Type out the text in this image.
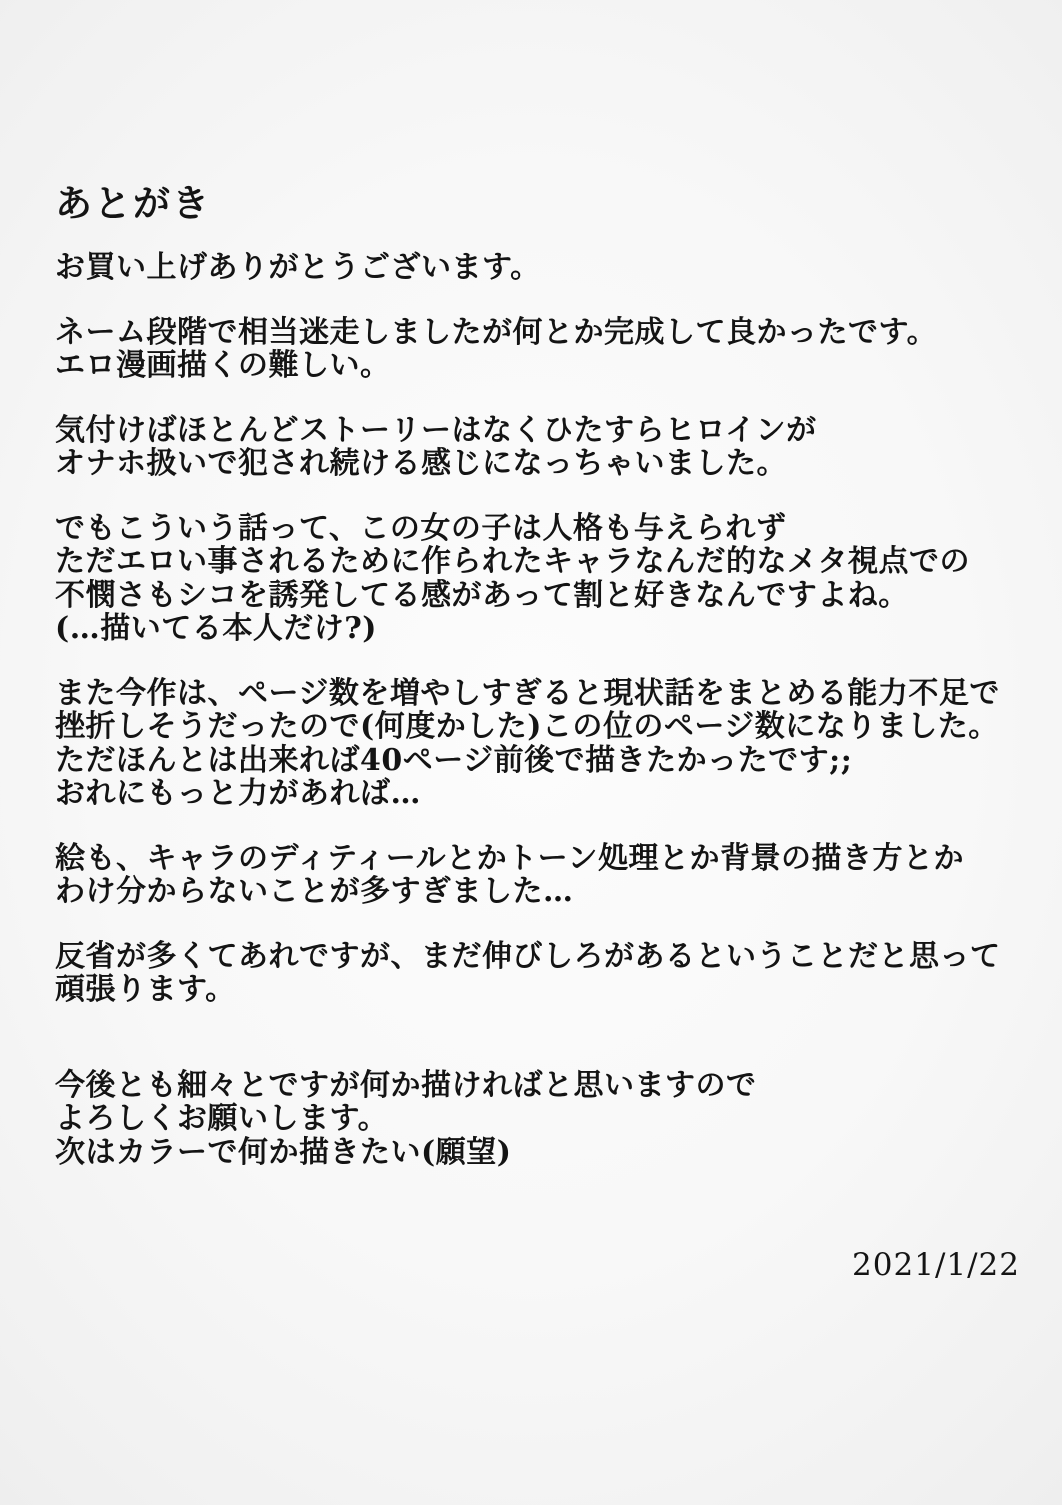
あとがき
お買い上げありがとうございます。
ネーム段階で相当迷走しましたが何とか完成して良かったです。
エロ漫画描くの難しい。
気付けばほとんどストーリーはなくひたすらヒロインが
オナホ扱いで犯され続ける感じになっちゃいました。
でもこういう話って、この女の子は人格も与えられず
ただエロい事されるために作られたキャラなんだ的なメタ視点での
不憫さもシコを誘発してる感があって割と好きなんですよね。
(…描いてる本人だけ?)
また今作は、ページ数を増やしすぎると現状話をまとめる能力不足で
挫折しそうだったので(何度かした)この位のページ数になりました。
ただほんとは出来れば40ページ前後で描きたかったです;;
おれにもっと力があれば…
絵も、キャラのディティールとかトーン処理とか背景の描き方とか
わけ分からないことが多すぎました…
反省が多くてあれですが、まだ伸びしろがあるということだと思って
頑張ります。
今後とも細々とですが何か描ければと思いますので
よろしくお願いします。
次はカラーで何か描きたい(願望)
2021/1/22
